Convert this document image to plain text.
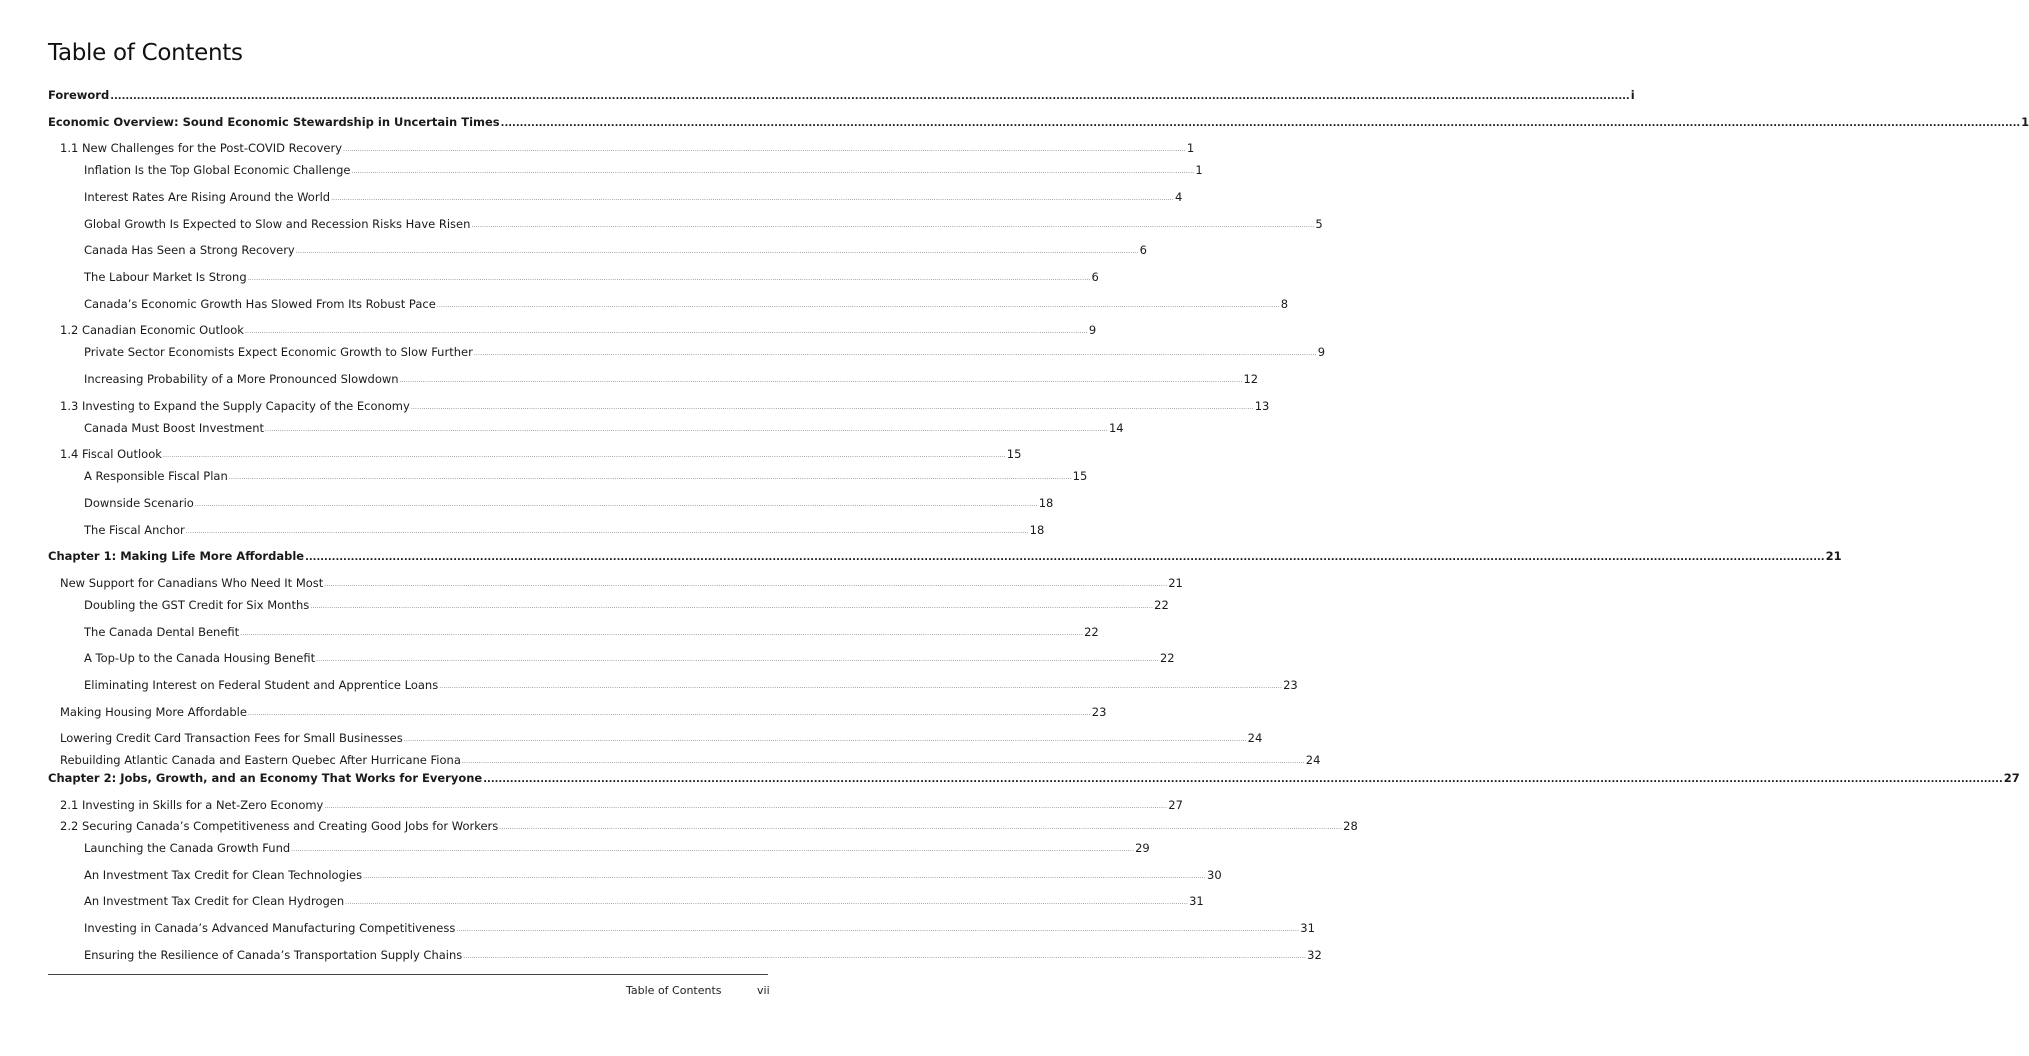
Table of Contents
Foreword ................................................................................................................................................................................................................................................................................................................................................................................................................ i
Economic Overview: Sound Economic Stewardship in Uncertain Times ................................................................................................................................................................................................................................................................................................................................................................................................................ 1
1.1 New Challenges for the Post-COVID Recovery ................................................................................................................................................................................................................................................................................................................................................................................................................ 1
Inflation Is the Top Global Economic Challenge ................................................................................................................................................................................................................................................................................................................................................................................................................ 1
Interest Rates Are Rising Around the World ................................................................................................................................................................................................................................................................................................................................................................................................................ 4
Global Growth Is Expected to Slow and Recession Risks Have Risen ................................................................................................................................................................................................................................................................................................................................................................................................................ 5
Canada Has Seen a Strong Recovery ................................................................................................................................................................................................................................................................................................................................................................................................................ 6
The Labour Market Is Strong ................................................................................................................................................................................................................................................................................................................................................................................................................ 6
Canada’s Economic Growth Has Slowed From Its Robust Pace ................................................................................................................................................................................................................................................................................................................................................................................................................ 8
1.2 Canadian Economic Outlook ................................................................................................................................................................................................................................................................................................................................................................................................................ 9
Private Sector Economists Expect Economic Growth to Slow Further ................................................................................................................................................................................................................................................................................................................................................................................................................ 9
Increasing Probability of a More Pronounced Slowdown ................................................................................................................................................................................................................................................................................................................................................................................................................ 12
1.3 Investing to Expand the Supply Capacity of the Economy ................................................................................................................................................................................................................................................................................................................................................................................................................ 13
Canada Must Boost Investment ................................................................................................................................................................................................................................................................................................................................................................................................................ 14
1.4 Fiscal Outlook ................................................................................................................................................................................................................................................................................................................................................................................................................ 15
A Responsible Fiscal Plan ................................................................................................................................................................................................................................................................................................................................................................................................................ 15
Downside Scenario ................................................................................................................................................................................................................................................................................................................................................................................................................ 18
The Fiscal Anchor ................................................................................................................................................................................................................................................................................................................................................................................................................ 18
Chapter 1: Making Life More Affordable ................................................................................................................................................................................................................................................................................................................................................................................................................ 21
New Support for Canadians Who Need It Most ................................................................................................................................................................................................................................................................................................................................................................................................................ 21
Doubling the GST Credit for Six Months ................................................................................................................................................................................................................................................................................................................................................................................................................ 22
The Canada Dental Benefit ................................................................................................................................................................................................................................................................................................................................................................................................................ 22
A Top-Up to the Canada Housing Benefit ................................................................................................................................................................................................................................................................................................................................................................................................................ 22
Eliminating Interest on Federal Student and Apprentice Loans ................................................................................................................................................................................................................................................................................................................................................................................................................ 23
Making Housing More Affordable ................................................................................................................................................................................................................................................................................................................................................................................................................ 23
Lowering Credit Card Transaction Fees for Small Businesses ................................................................................................................................................................................................................................................................................................................................................................................................................ 24
Rebuilding Atlantic Canada and Eastern Quebec After Hurricane Fiona ................................................................................................................................................................................................................................................................................................................................................................................................................ 24
Chapter 2: Jobs, Growth, and an Economy That Works for Everyone ................................................................................................................................................................................................................................................................................................................................................................................................................ 27
2.1 Investing in Skills for a Net-Zero Economy ................................................................................................................................................................................................................................................................................................................................................................................................................ 27
2.2 Securing Canada’s Competitiveness and Creating Good Jobs for Workers ................................................................................................................................................................................................................................................................................................................................................................................................................ 28
Launching the Canada Growth Fund ................................................................................................................................................................................................................................................................................................................................................................................................................ 29
An Investment Tax Credit for Clean Technologies ................................................................................................................................................................................................................................................................................................................................................................................................................ 30
An Investment Tax Credit for Clean Hydrogen ................................................................................................................................................................................................................................................................................................................................................................................................................ 31
Investing in Canada’s Advanced Manufacturing Competitiveness ................................................................................................................................................................................................................................................................................................................................................................................................................ 31
Ensuring the Resilience of Canada’s Transportation Supply Chains ................................................................................................................................................................................................................................................................................................................................................................................................................ 32
Table of Contents	vii
